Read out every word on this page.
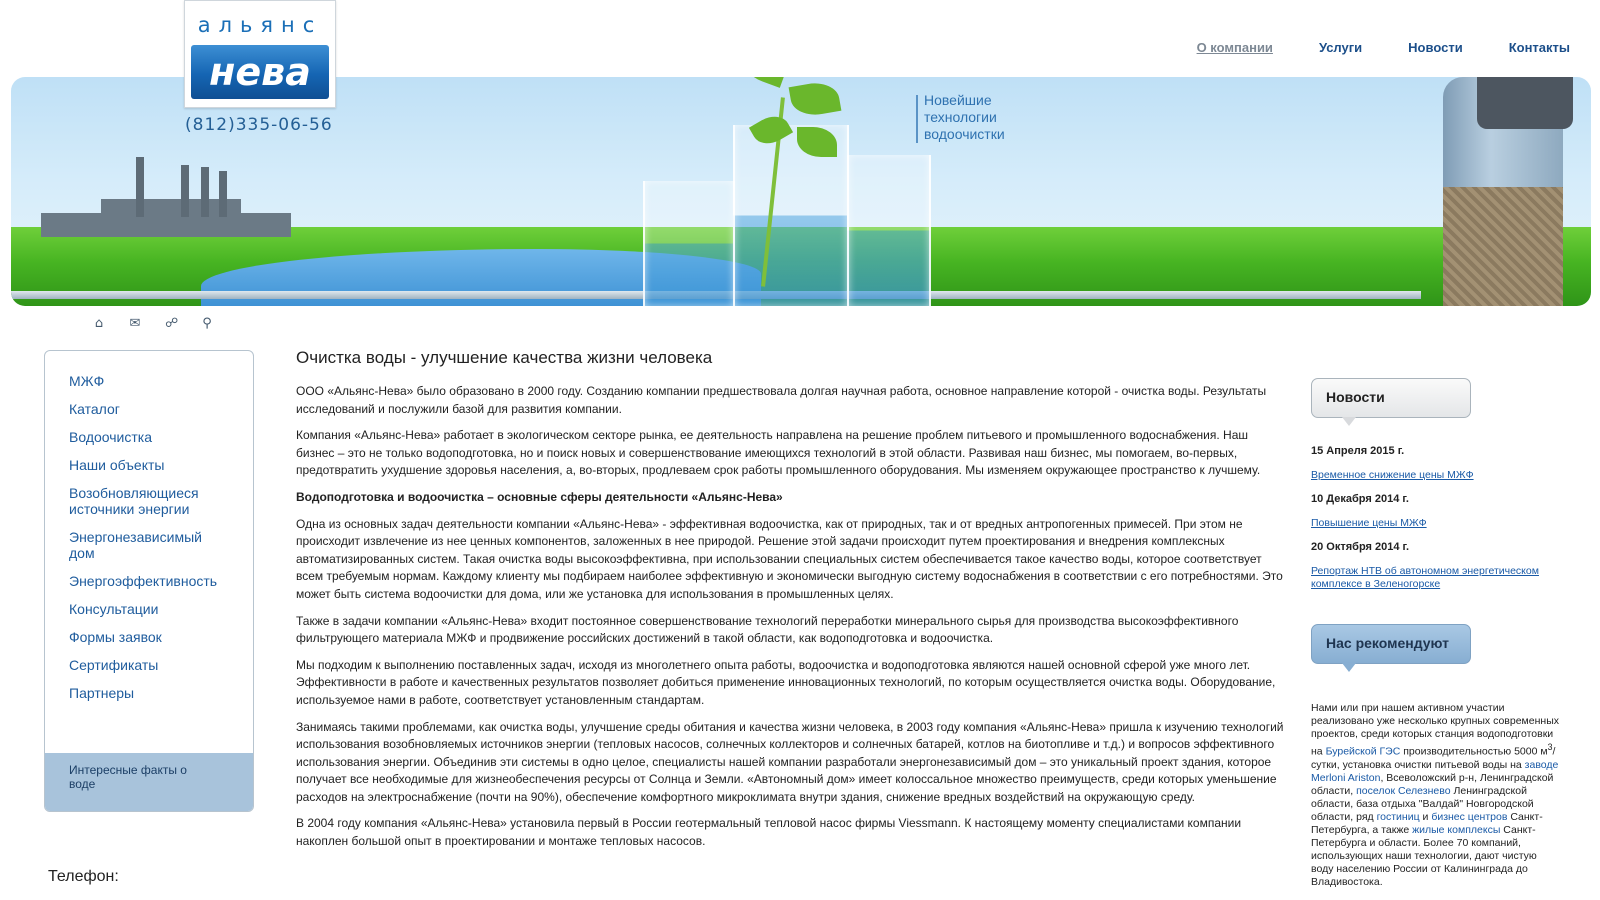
альянс
нева
(812)335-06-56
О компании	Услуги	Новости	Контакты
Новейшие
технологии
водоочистки
⌂ ✉ ☍ ⚲
МЖФ
Каталог
Водоочистка
Наши объекты
Возобновляющиеся источники энергии
Энергонезависимый дом
Энергоэффективность
Консультации
Формы заявок
Сертификаты
Партнеры
Интересные факты о воде
Телефон:
Очистка воды - улучшение качества жизни человека

ООО «Альянс-Нева» было образовано в 2000 году. Созданию компании предшествовала долгая научная работа, основное направление которой - очистка воды. Результаты исследований и послужили базой для развития компании.

Компания «Альянс-Нева» работает в экологическом секторе рынка, ее деятельность направлена на решение проблем питьевого и промышленного водоснабжения. Наш бизнес – это не только водоподготовка, но и поиск новых и совершенствование имеющихся технологий в этой области. Развивая наш бизнес, мы помогаем, во-первых, предотвратить ухудшение здоровья населения, а, во-вторых, продлеваем срок работы промышленного оборудования. Мы изменяем окружающее пространство к лучшему.

Водоподготовка и водоочистка – основные сферы деятельности «Альянс-Нева»

Одна из основных задач деятельности компании «Альянс-Нева» - эффективная водоочистка, как от природных, так и от вредных антропогенных примесей. При этом не происходит извлечение из нее ценных компонентов, заложенных в нее природой. Решение этой задачи происходит путем проектирования и внедрения комплексных автоматизированных систем. Такая очистка воды высокоэффективна, при использовании специальных систем обеспечивается такое качество воды, которое соответствует всем требуемым нормам. Каждому клиенту мы подбираем наиболее эффективную и экономически выгодную систему водоснабжения в соответствии с его потребностями. Это может быть система водоочистки для дома, или же установка для использования в промышленных целях.

Также в задачи компании «Альянс-Нева» входит постоянное совершенствование технологий переработки минерального сырья для производства высокоэффективного фильтрующего материала МЖФ и продвижение российских достижений в такой области, как водоподготовка и водоочистка.

Мы подходим к выполнению поставленных задач, исходя из многолетнего опыта работы, водоочистка и водоподготовка являются нашей основной сферой уже много лет. Эффективности в работе и качественных результатов позволяет добиться применение инновационных технологий, по которым осуществляется очистка воды. Оборудование, используемое нами в работе, соответствует установленным стандартам.

Занимаясь такими проблемами, как очистка воды, улучшение среды обитания и качества жизни человека, в 2003 году компания «Альянс-Нева» пришла к изучению технологий использования возобновляемых источников энергии (тепловых насосов, солнечных коллекторов и солнечных батарей, котлов на биотопливе и т.д.) и вопросов эффективного использования энергии. Объединив эти системы в одно целое, специалисты нашей компании разработали энергонезависимый дом – это уникальный проект здания, которое получает все необходимые для жизнеобеспечения ресурсы от Солнца и Земли. «Автономный дом» имеет колоссальное множество преимуществ, среди которых уменьшение расходов на электроснабжение (почти на 90%), обеспечение комфортного микроклимата внутри здания, снижение вредных воздействий на окружающую среду.

В 2004 году компания «Альянс-Нева» установила первый в России геотермальный тепловой насос фирмы Viessmann. К настоящему моменту специалистами компании накоплен большой опыт в проектировании и монтаже тепловых насосов.

Новости
15 Апреля 2015 г.
Временное снижение цены МЖФ
10 Декабря 2014 г.
Повышение цены МЖФ
20 Октября 2014 г.
Репортаж НТВ об автономном энергетическом комплексе в Зеленогорске
Нас рекомендуют
Нами или при нашем активном участии реализовано уже несколько крупных современных проектов, среди которых станция водоподготовки на Бурейской ГЭС производительностью 5000 $м^3$/сутки, установка очистки питьевой воды на заводе Merloni Ariston, Всеволожский р-н, Ленинградской области, поселок Селезнево Ленинградской области, база отдыха "Валдай" Новгородской области, ряд гостиниц и бизнес центров Санкт-Петербурга, а также жилые комплексы Санкт-Петербурга и области. Более 70 компаний, использующих наши технологии, дают чистую воду населению России от Калининграда до Владивостока.
